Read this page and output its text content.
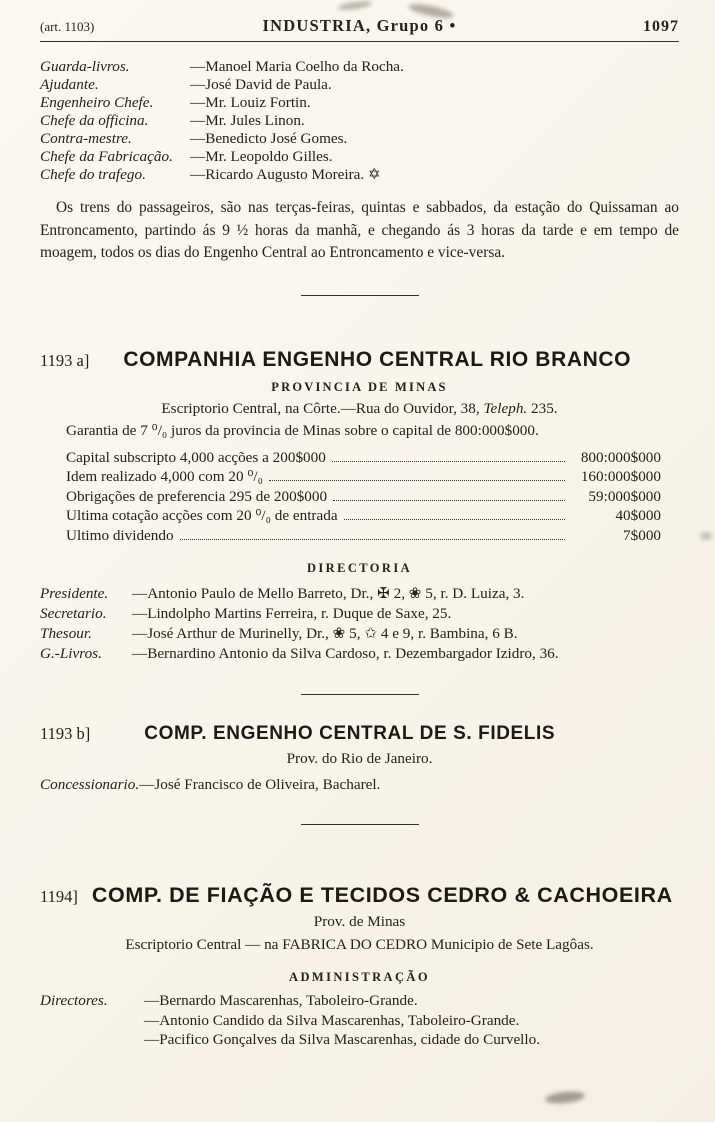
(art. 1103)	INDUSTRIA, Grupo 6 •	1097
Guarda-livros.	—Manoel Maria Coelho da Rocha.
Ajudante.	—José David de Paula.
Engenheiro Chefe.	—Mr. Louiz Fortin.
Chefe da officina.	—Mr. Jules Linon.
Contra-mestre.	—Benedicto José Gomes.
Chefe da Fabricação.	—Mr. Leopoldo Gilles.
Chefe do trafego.	—Ricardo Augusto Moreira. ✡

Os trens do passageiros, são nas terças-feiras, quintas e sabbados, da estação do Quissaman ao Entroncamento, partindo ás 9 ½ horas da manhã, e chegando ás 3 horas da tarde e em tempo de moagem, todos os dias do Engenho Central ao Entroncamento e vice-versa.

1193 a] COMPANHIA ENGENHO CENTRAL RIO BRANCO
PROVINCIA DE MINAS
Escriptorio Central, na Côrte.—Rua do Ouvidor, 38, Teleph. 235.
Garantia de 7 ⁰/₀ juros da provincia de Minas sobre o capital de 800:000$000.
Capital subscripto 4,000 acções a 200$000	800:000$000
Idem realizado 4,000 com 20 ⁰/₀	160:000$000
Obrigações de preferencia 295 de 200$000	59:000$000
Ultima cotação acções com 20 ⁰/₀ de entrada	40$000
Ultimo dividendo	7$000
DIRECTORIA
Presidente.	—Antonio Paulo de Mello Barreto, Dr., ✠ 2, ❀ 5, r. D. Luiza, 3.
Secretario.	—Lindolpho Martins Ferreira, r. Duque de Saxe, 25.
Thesour.	—José Arthur de Murinelly, Dr., ❀ 5, ✩ 4 e 9, r. Bambina, 6 B.
G.-Livros.	—Bernardino Antonio da Silva Cardoso, r. Dezembargador Izidro, 36.
1193 b]	COMP. ENGENHO CENTRAL DE S. FIDELIS
Prov. do Rio de Janeiro.
Concessionario.—José Francisco de Oliveira, Bacharel.
1194] COMP. DE FIAÇÃO E TECIDOS CEDRO & CACHOEIRA
Prov. de Minas
Escriptorio Central — na FABRICA DO CEDRO Municipio de Sete Lagôas.
ADMINISTRAÇÃO
Directores.	—Bernardo Mascarenhas, Taboleiro-Grande.
—Antonio Candido da Silva Mascarenhas, Taboleiro-Grande.
—Pacifico Gonçalves da Silva Mascarenhas, cidade do Curvello.
